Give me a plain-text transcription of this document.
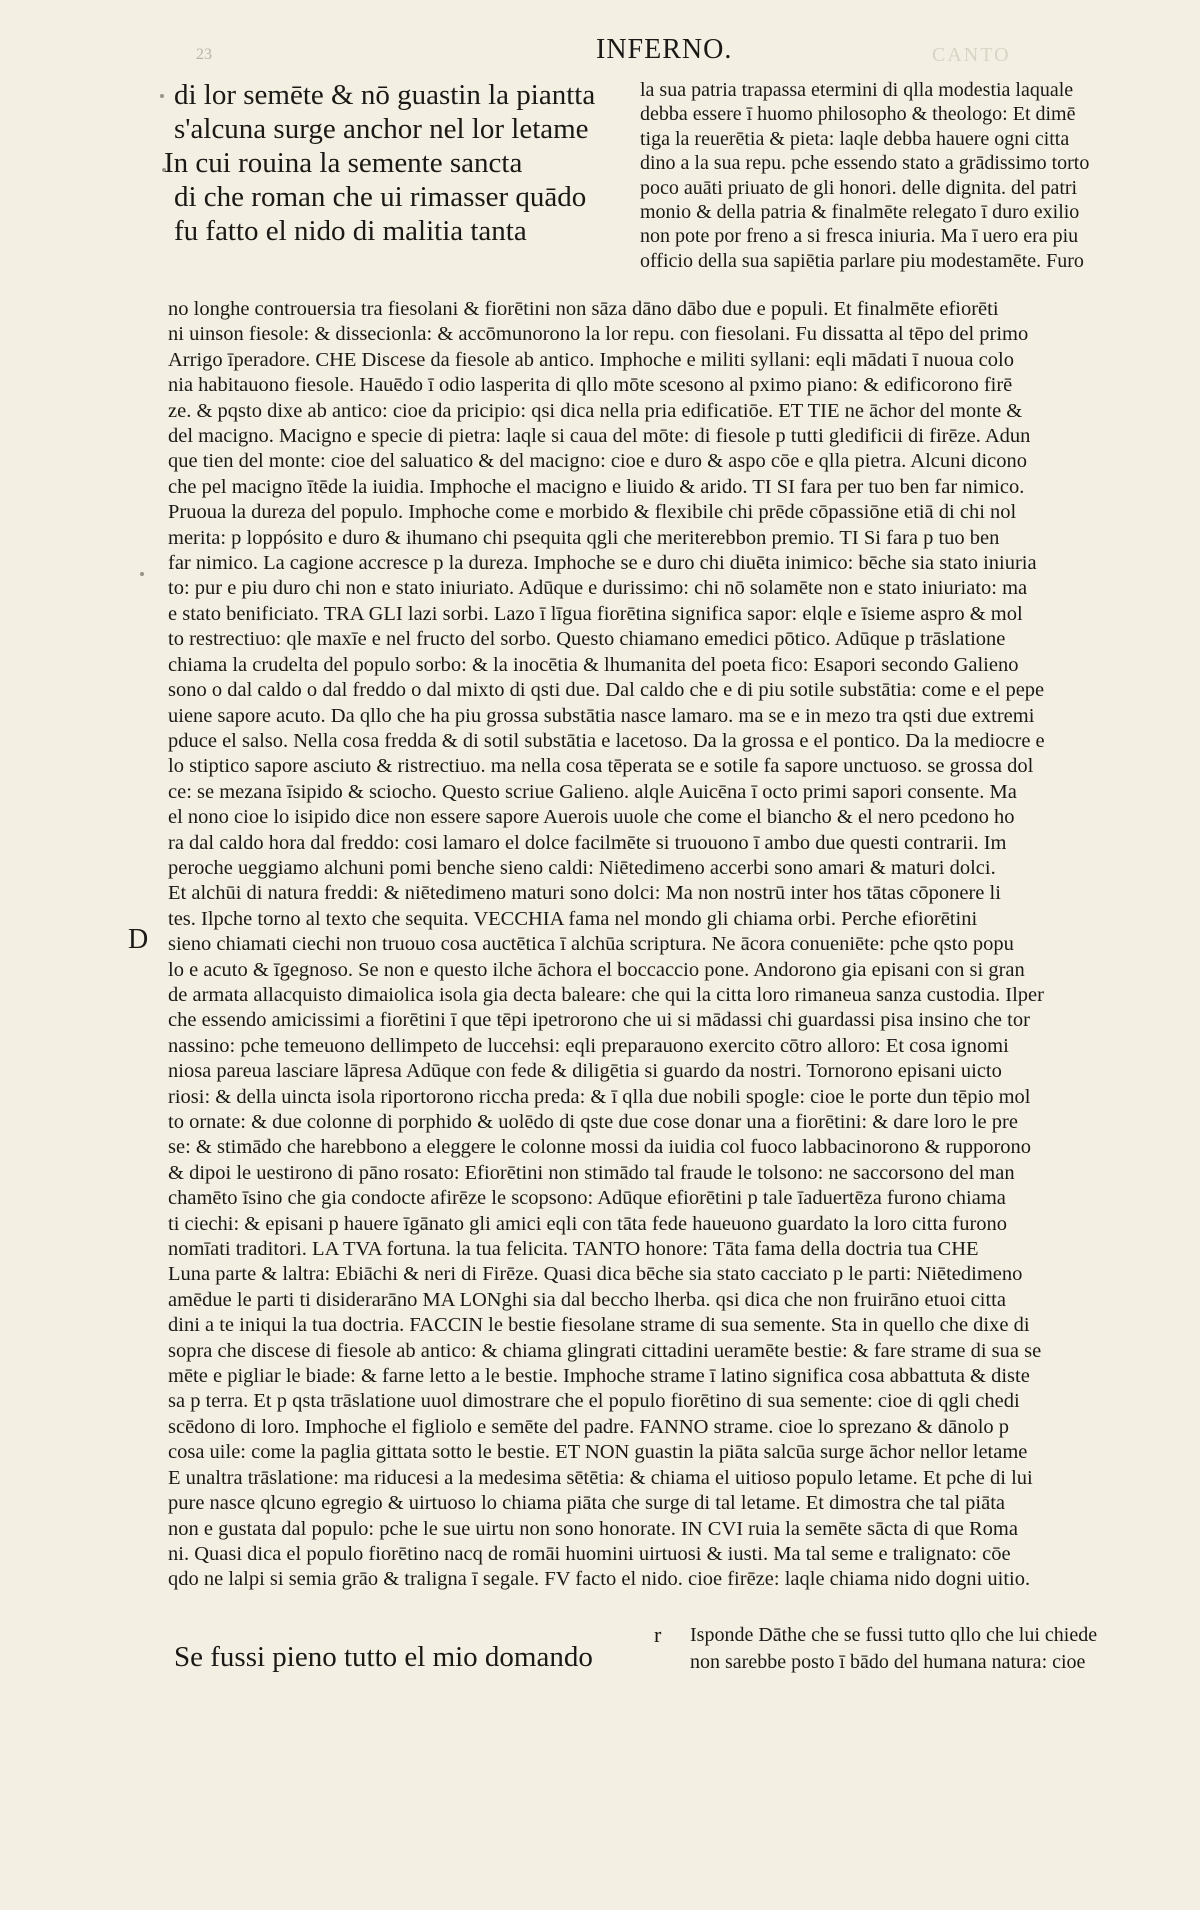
23	INFERNO.	CANTO
di lor semēte & nō guastin la piantta
s'alcuna surge anchor nel lor letame
In cui rouina la semente sancta
di che roman che ui rimasser quādo
fu fatto el nido di malitia tanta
la sua patria trapassa etermini di qlla modestia laquale
debba essere ī huomo philosopho & theologo: Et dimē
tiga la reuerētia & pieta: laqle debba hauere ogni citta
dino a la sua repu. pche essendo stato a grādissimo torto
poco auāti priuato de gli honori. delle dignita. del patri
monio & della patria & finalmēte relegato ī duro exilio
non pote por freno a si fresca iniuria. Ma ī uero era piu
officio della sua sapiētia parlare piu modestamēte. Furo
D
no longhe controuersia tra fiesolani & fiorētini non sāza dāno dābo due e populi. Et finalmēte efiorēti
ni uinson fiesole: & dissecionla: & accōmunorono la lor repu. con fiesolani. Fu dissatta al tēpo del primo
Arrigo īperadore. CHE Discese da fiesole ab antico. Imphoche e militi syllani: eqli mādati ī nuoua colo
nia habitauono fiesole. Hauēdo ī odio lasperita di qllo mōte scesono al pximo piano: & edificorono firē
ze. & pqsto dixe ab antico: cioe da pricipio: qsi dica nella pria edificatiōe. ET TIE ne āchor del monte &
del macigno. Macigno e specie di pietra: laqle si caua del mōte: di fiesole p tutti gledificii di firēze. Adun
que tien del monte: cioe del saluatico & del macigno: cioe e duro & aspo cōe e qlla pietra. Alcuni dicono
che pel macigno ītēde la iuidia. Imphoche el macigno e liuido & arido. TI SI fara per tuo ben far nimico.
Pruoua la dureza del populo. Imphoche come e morbido & flexibile chi prēde cōpassiōne etiā di chi nol
merita: p loppósito e duro & ihumano chi psequita qgli che meriterebbon premio. TI Si fara p tuo ben
far nimico. La cagione accresce p la dureza. Imphoche se e duro chi diuēta inimico: bēche sia stato iniuria
to: pur e piu duro chi non e stato iniuriato. Adūque e durissimo: chi nō solamēte non e stato iniuriato: ma
e stato benificiato. TRA GLI lazi sorbi. Lazo ī līgua fiorētina significa sapor: elqle e īsieme aspro & mol
to restrectiuo: qle maxīe e nel fructo del sorbo. Questo chiamano emedici pōtico. Adūque p trāslatione
chiama la crudelta del populo sorbo: & la inocētia & lhumanita del poeta fico: Esapori secondo Galieno
sono o dal caldo o dal freddo o dal mixto di qsti due. Dal caldo che e di piu sotile substātia: come e el pepe
uiene sapore acuto. Da qllo che ha piu grossa substātia nasce lamaro. ma se e in mezo tra qsti due extremi
pduce el salso. Nella cosa fredda & di sotil substātia e lacetoso. Da la grossa e el pontico. Da la mediocre e
lo stiptico sapore asciuto & ristrectiuo. ma nella cosa tēperata se e sotile fa sapore unctuoso. se grossa dol
ce: se mezana īsipido & sciocho. Questo scriue Galieno. alqle Auicēna ī octo primi sapori consente. Ma
el nono cioe lo isipido dice non essere sapore Auerois uuole che come el biancho & el nero pcedono ho
ra dal caldo hora dal freddo: cosi lamaro el dolce facilmēte si truouono ī ambo due questi contrarii. Im
peroche ueggiamo alchuni pomi benche sieno caldi: Niētedimeno accerbi sono amari & maturi dolci.
Et alchūi di natura freddi: & niētedimeno maturi sono dolci: Ma non nostrū inter hos tātas cōponere li
tes. Ilpche torno al texto che sequita. VECCHIA fama nel mondo gli chiama orbi. Perche efiorētini
sieno chiamati ciechi non truouo cosa auctētica ī alchūa scriptura. Ne ācora conueniēte: pche qsto popu
lo e acuto & īgegnoso. Se non e questo ilche āchora el boccaccio pone. Andorono gia episani con si gran
de armata allacquisto dimaiolica isola gia decta baleare: che qui la citta loro rimaneua sanza custodia. Ilper
che essendo amicissimi a fiorētini ī que tēpi ipetrorono che ui si mādassi chi guardassi pisa insino che tor
nassino: pche temeuono dellimpeto de luccehsi: eqli preparauono exercito cōtro alloro: Et cosa ignomi
niosa pareua lasciare lāpresa Adūque con fede & diligētia si guardo da nostri. Tornorono episani uicto
riosi: & della uincta isola riportorono riccha preda: & ī qlla due nobili spogle: cioe le porte dun tēpio mol
to ornate: & due colonne di porphido & uolēdo di qste due cose donar una a fiorētini: & dare loro le pre
se: & stimādo che harebbono a eleggere le colonne mossi da iuidia col fuoco labbacinorono & rupporono
& dipoi le uestirono di pāno rosato: Efiorētini non stimādo tal fraude le tolsono: ne saccorsono del man
chamēto īsino che gia condocte afirēze le scopsono: Adūque efiorētini p tale īaduertēza furono chiama
ti ciechi: & episani p hauere īgānato gli amici eqli con tāta fede haueuono guardato la loro citta furono
nomīati traditori. LA TVA fortuna. la tua felicita. TANTO honore: Tāta fama della doctria tua CHE
Luna parte & laltra: Ebiāchi & neri di Firēze. Quasi dica bēche sia stato cacciato p le parti: Niētedimeno
amēdue le parti ti disiderarāno MA LONghi sia dal beccho lherba. qsi dica che non fruirāno etuoi citta
dini a te iniqui la tua doctria. FACCIN le bestie fiesolane strame di sua semente. Sta in quello che dixe di
sopra che discese di fiesole ab antico: & chiama glingrati cittadini ueramēte bestie: & fare strame di sua se
mēte e pigliar le biade: & farne letto a le bestie. Imphoche strame ī latino significa cosa abbattuta & diste
sa p terra. Et p qsta trāslatione uuol dimostrare che el populo fiorētino di sua semente: cioe di qgli chedi
scēdono di loro. Imphoche el figliolo e semēte del padre. FANNO strame. cioe lo sprezano & dānolo p
cosa uile: come la paglia gittata sotto le bestie. ET NON guastin la piāta salcūa surge āchor nellor letame
E unaltra trāslatione: ma riducesi a la medesima sētētia: & chiama el uitioso populo letame. Et pche di lui
pure nasce qlcuno egregio & uirtuoso lo chiama piāta che surge di tal letame. Et dimostra che tal piāta
non e gustata dal populo: pche le sue uirtu non sono honorate. IN CVI ruia la semēte sācta di que Roma
ni. Quasi dica el populo fiorētino nacq de romāi huomini uirtuosi & iusti. Ma tal seme e tralignato: cōe
qdo ne lalpi si semia grāo & traligna ī segale. FV facto el nido. cioe firēze: laqle chiama nido dogni uitio.
r Isponde Dāthe che se fussi tutto qllo che lui chiede
non sarebbe posto ī bādo del humana natura: cioe
Se fussi pieno tutto el mio domando
